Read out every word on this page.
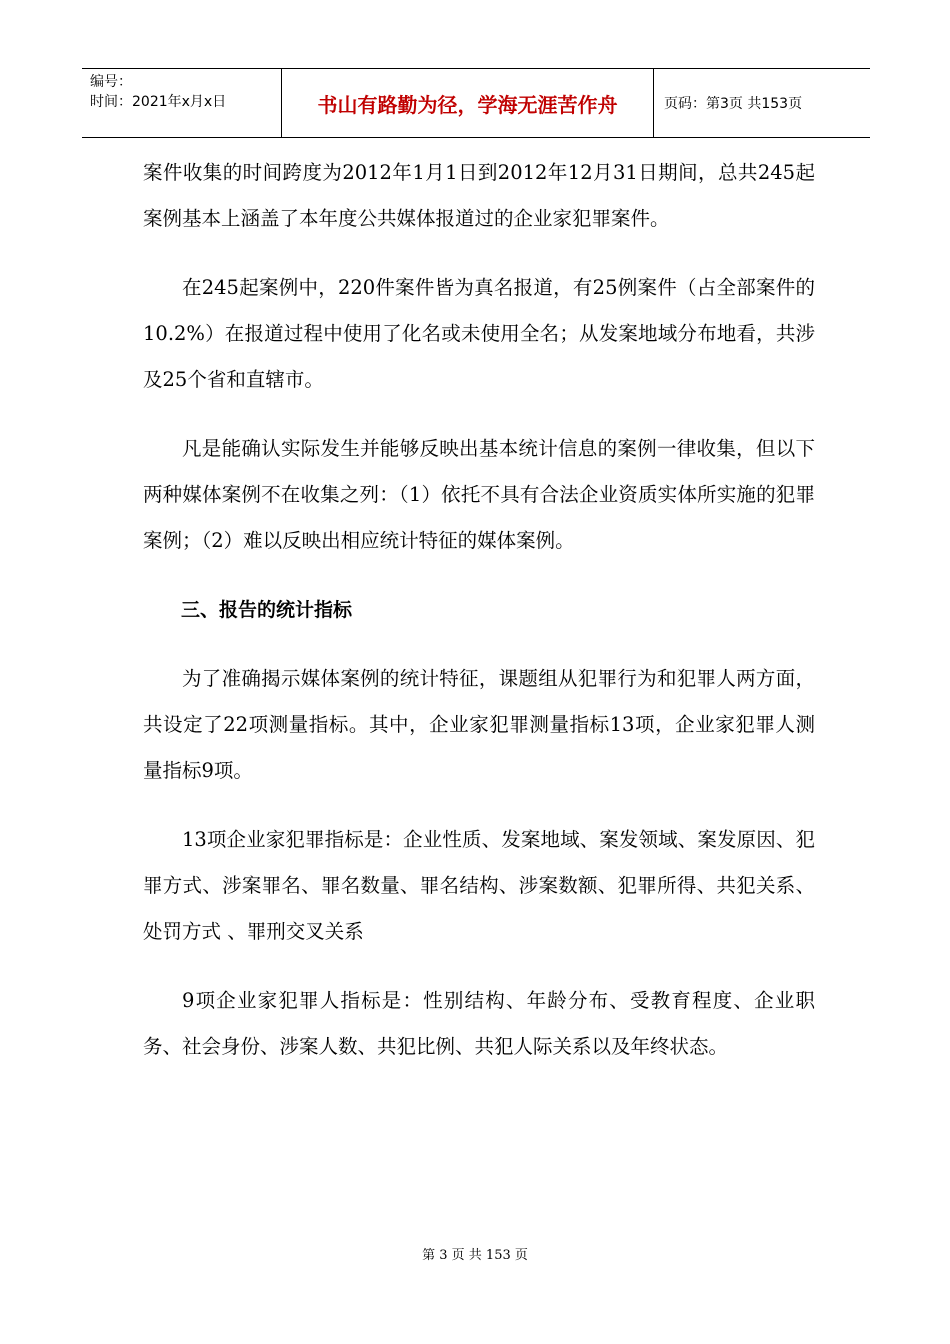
编号：
时间：2021年x月x日	书山有路勤为径，学海无涯苦作舟	页码：第3页 共153页

案件收集的时间跨度为2012年1月1日到2012年12月31日期间，总共245起案例基本上涵盖了本年度公共媒体报道过的企业家犯罪案件。

在245起案例中，220件案件皆为真名报道，有25例案件（占全部案件的10.2%）在报道过程中使用了化名或未使用全名；从发案地域分布地看，共涉及25个省和直辖市。

凡是能确认实际发生并能够反映出基本统计信息的案例一律收集，但以下两种媒体案例不在收集之列：（1）依托不具有合法企业资质实体所实施的犯罪案例；（2）难以反映出相应统计特征的媒体案例。

三、报告的统计指标

为了准确揭示媒体案例的统计特征，课题组从犯罪行为和犯罪人两方面，共设定了22项测量指标。其中，企业家犯罪测量指标13项，企业家犯罪人测量指标9项。

13项企业家犯罪指标是：企业性质、发案地域、案发领域、案发原因、犯罪方式、涉案罪名、罪名数量、罪名结构、涉案数额、犯罪所得、共犯关系、处罚方式 、罪刑交叉关系

9项企业家犯罪人指标是：性别结构、年龄分布、受教育程度、企业职务、社会身份、涉案人数、共犯比例、共犯人际关系以及年终状态。

第 3 页 共 153 页
